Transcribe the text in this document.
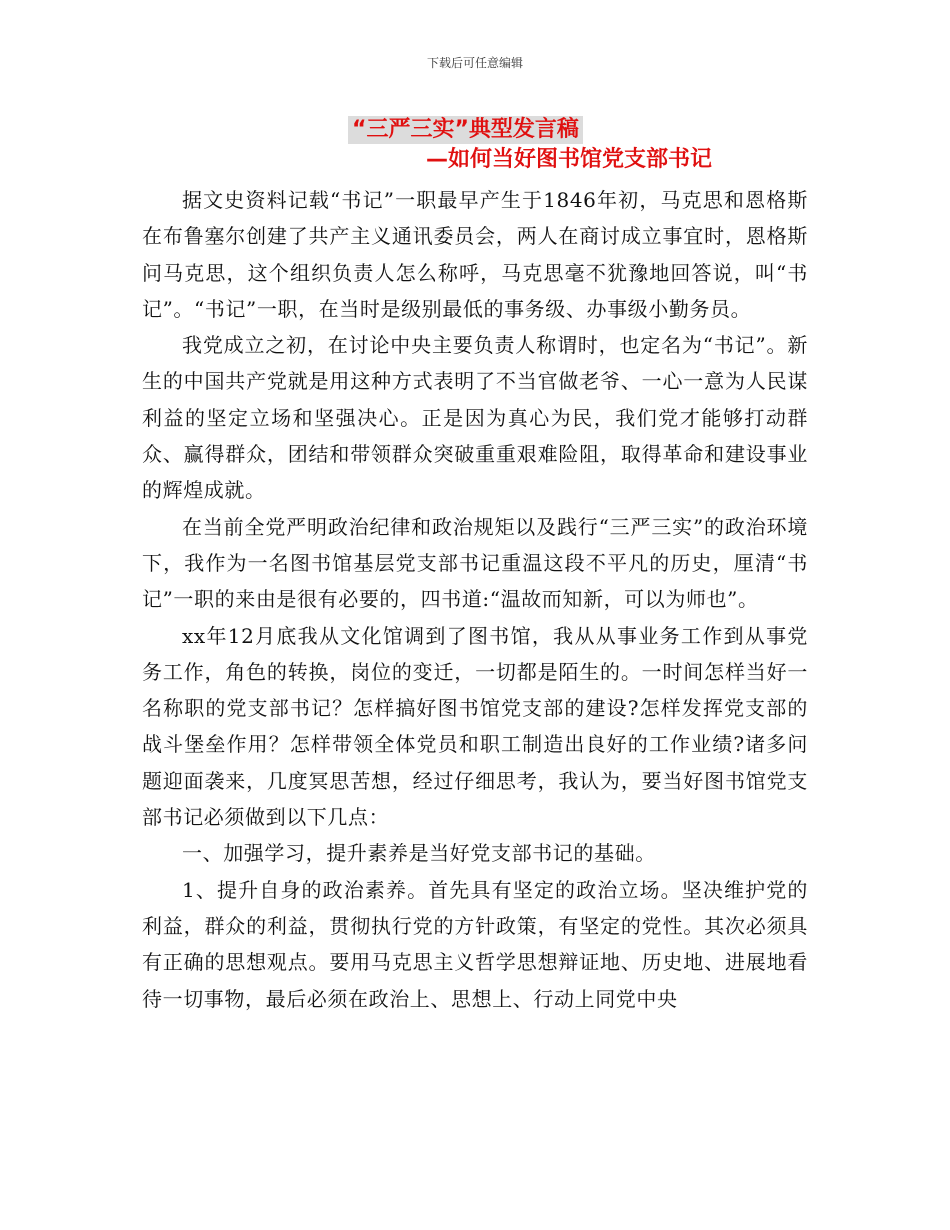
下载后可任意编辑
“三严三实”典型发言稿
—如何当好图书馆党支部书记

据文史资料记载“书记”一职最早产生于1846年初，马克思和恩格斯在布鲁塞尔创建了共产主义通讯委员会，两人在商讨成立事宜时，恩格斯问马克思，这个组织负责人怎么称呼，马克思毫不犹豫地回答说，叫“书记”。“书记”一职，在当时是级别最低的事务级、办事级小勤务员。

我党成立之初，在讨论中央主要负责人称谓时，也定名为“书记”。新生的中国共产党就是用这种方式表明了不当官做老爷、一心一意为人民谋利益的坚定立场和坚强决心。正是因为真心为民，我们党才能够打动群众、赢得群众，团结和带领群众突破重重艰难险阻，取得革命和建设事业的辉煌成就。

在当前全党严明政治纪律和政治规矩以及践行“三严三实”的政治环境下，我作为一名图书馆基层党支部书记重温这段不平凡的历史，厘清“书记”一职的来由是很有必要的，四书道:“温故而知新，可以为师也”。

xx年12月底我从文化馆调到了图书馆，我从从事业务工作到从事党务工作，角色的转换，岗位的变迁，一切都是陌生的。一时间怎样当好一名称职的党支部书记？怎样搞好图书馆党支部的建设?怎样发挥党支部的战斗堡垒作用？怎样带领全体党员和职工制造出良好的工作业绩?诸多问题迎面袭来，几度冥思苦想，经过仔细思考，我认为，要当好图书馆党支部书记必须做到以下几点：

一、加强学习，提升素养是当好党支部书记的基础。

1、提升自身的政治素养。首先具有坚定的政治立场。坚决维护党的利益，群众的利益，贯彻执行党的方针政策，有坚定的党性。其次必须具有正确的思想观点。要用马克思主义哲学思想辩证地、历史地、进展地看待一切事物，最后必须在政治上、思想上、行动上同党中央
